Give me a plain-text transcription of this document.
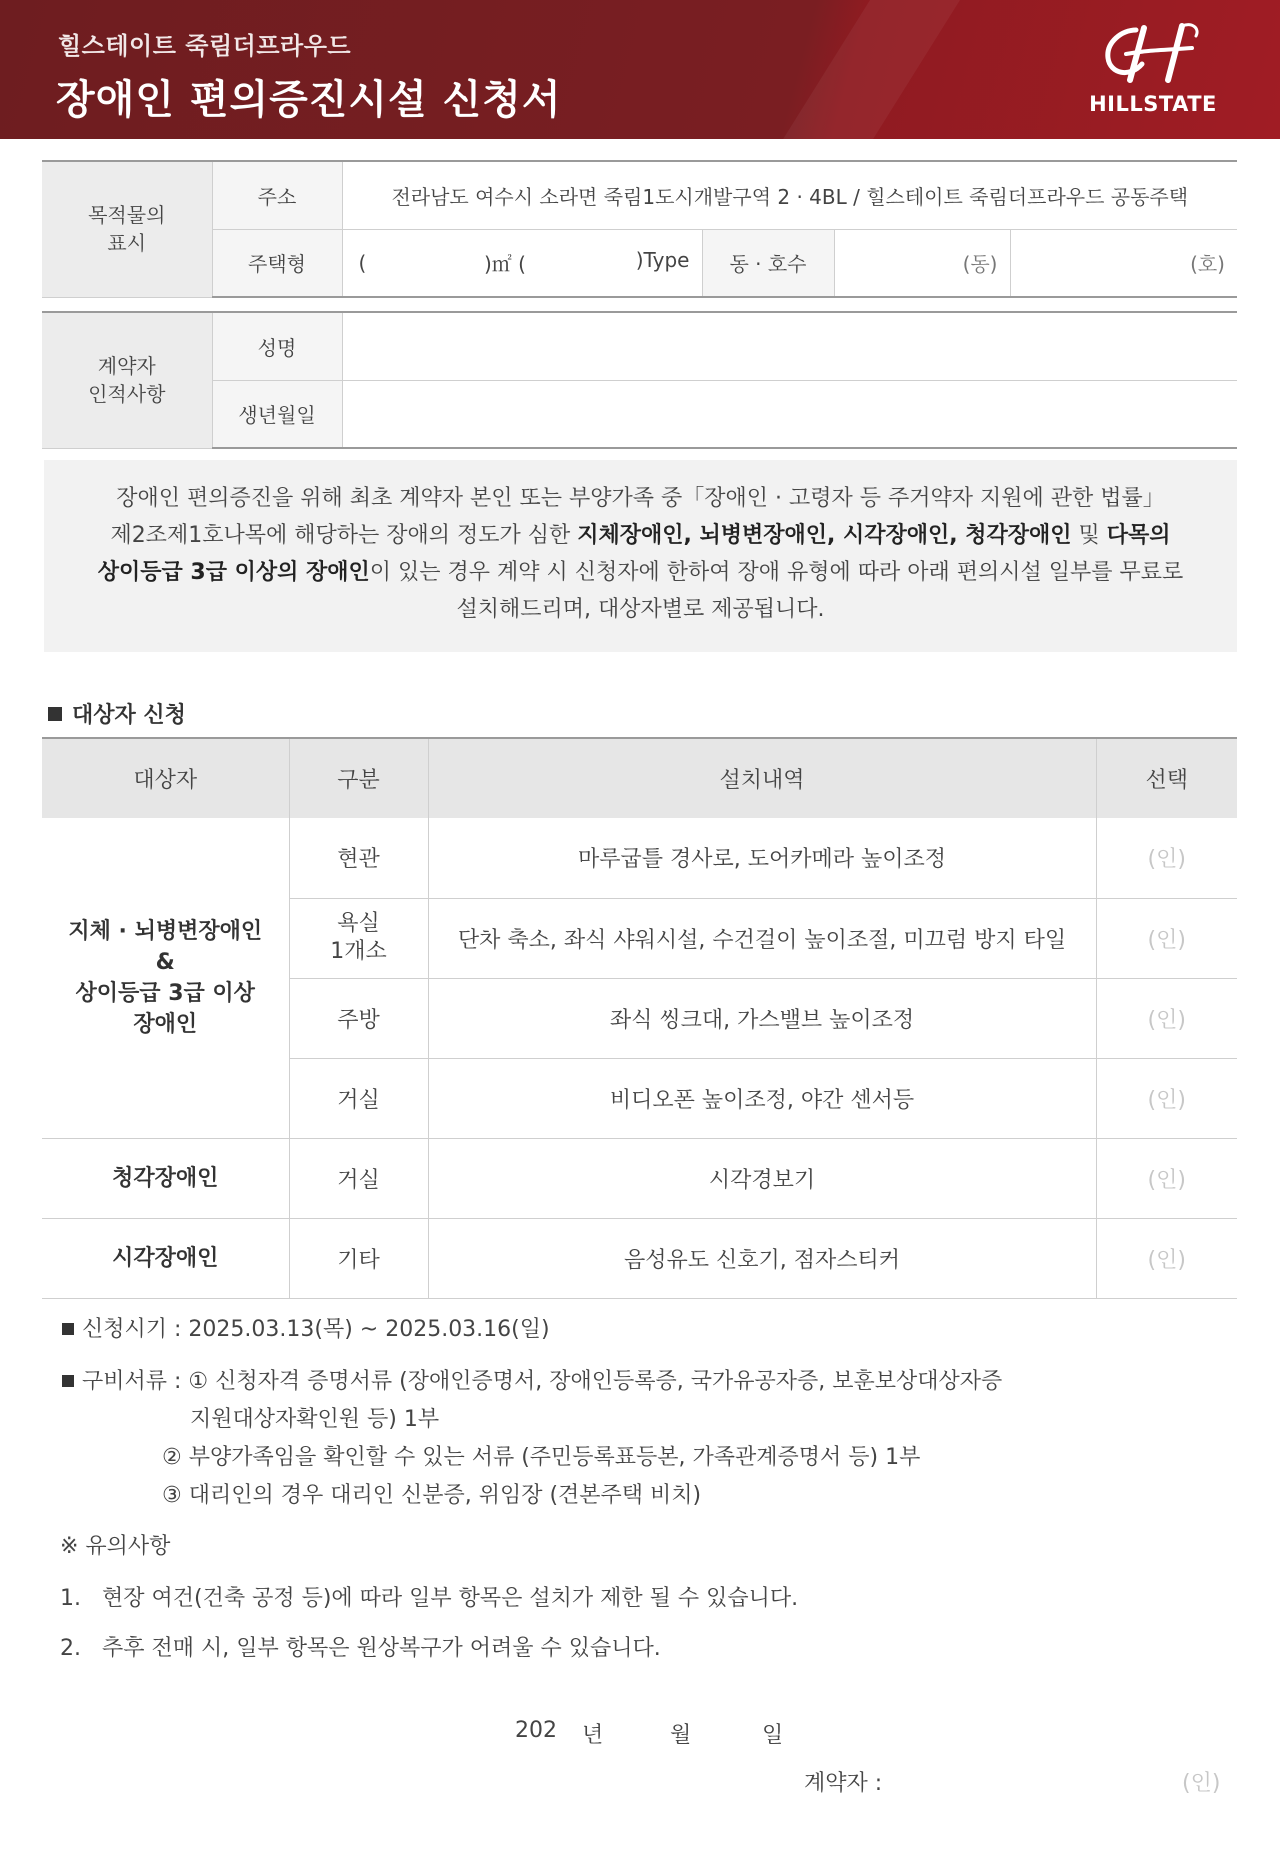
힐스테이트 죽림더프라우드
장애인 편의증진시설 신청서	HILLSTATE
목적물의
표시	주소	전라남도 여수시 소라면 죽림1도시개발구역 2 · 4BL / 힐스테이트 죽림더프라우드 공동주택				
	주택형	(	)㎡ ( )Type	동 · 호수	(동)	(호)
계약자
인적사항	성명	
	생년월일	
장애인 편의증진을 위해 최초 계약자 본인 또는 부양가족 중「장애인 · 고령자 등 주거약자 지원에 관한 법률」
제2조제1호나목에 해당하는 장애의 정도가 심한 지체장애인, 뇌병변장애인, 시각장애인, 청각장애인 및 다목의
상이등급 3급 이상의 장애인이 있는 경우 계약 시 신청자에 한하여 장애 유형에 따라 아래 편의시설 일부를 무료로
설치해드리며, 대상자별로 제공됩니다.
대상자 신청
대상자	구분	설치내역	선택
지체 · 뇌병변장애인
&
상이등급 3급 이상
장애인	현관	마루굽틀 경사로, 도어카메라 높이조정	(인)
	욕실
1개소	단차 축소, 좌식 샤워시설, 수건걸이 높이조절, 미끄럼 방지 타일	(인)
	주방	좌식 씽크대, 가스밸브 높이조정	(인)
	거실	비디오폰 높이조정, 야간 센서등	(인)
청각장애인	거실	시각경보기	(인)
시각장애인	기타	음성유도 신호기, 점자스티커	(인)
신청시기 : 2025.03.13(목) ~ 2025.03.16(일)
구비서류 : ① 신청자격 증명서류 (장애인증명서, 장애인등록증, 국가유공자증, 보훈보상대상자증
지원대상자확인원 등) 1부
② 부양가족임을 확인할 수 있는 서류 (주민등록표등본, 가족관계증명서 등) 1부
③ 대리인의 경우 대리인 신분증, 위임장 (견본주택 비치)
※ 유의사항
1. 현장 여건(건축 공정 등)에 따라 일부 항목은 설치가 제한 될 수 있습니다.
2. 추후 전매 시, 일부 항목은 원상복구가 어려울 수 있습니다.
202 년	월	일
계약자 :	(인)
